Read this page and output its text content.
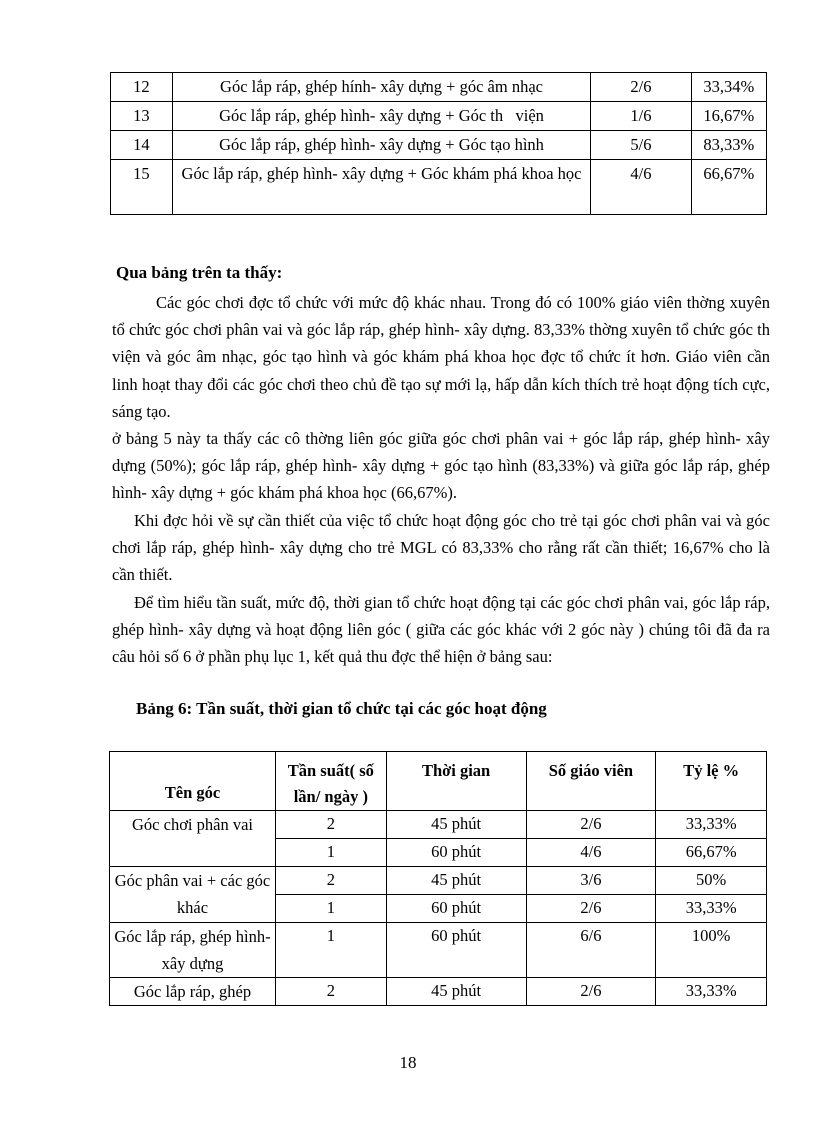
12	Góc lắp ráp, ghép hính- xây dựng + góc âm nhạc	2/6	33,34%
13	Góc lắp ráp, ghép hình- xây dựng + Góc th   viện	1/6	16,67%
14	Góc lắp ráp, ghép hình- xây dựng + Góc tạo hình	5/6	83,33%
15	Góc lắp ráp, ghép hình- xây dựng + Góc khám phá khoa học	4/6	66,67%
Qua bảng trên ta thấy:
Các góc chơi đợc tổ chức với mức độ khác nhau. Trong đó có 100% giáo viên thờng xuyên tổ chức góc chơi phân vai và góc lắp ráp, ghép hình- xây dựng. 83,33% thờng xuyên tổ chức góc th viện và góc âm nhạc, góc tạo hình và góc khám phá khoa học đợc tổ chức ít hơn. Giáo viên cần linh hoạt thay đổi các góc chơi theo chủ đề tạo sự mới lạ, hấp dẫn kích thích trẻ hoạt động tích cực, sáng tạo.
ở bảng 5 này ta thấy các cô thờng liên góc giữa góc chơi phân vai + góc lắp ráp, ghép hình- xây dựng (50%); góc lắp ráp, ghép hình- xây dựng + góc tạo hình (83,33%) và giữa góc lắp ráp, ghép hình- xây dựng + góc khám phá khoa học (66,67%).
Khi đợc hỏi về sự cần thiết của việc tổ chức hoạt động góc cho trẻ tại góc chơi phân vai và góc chơi lắp ráp, ghép hình- xây dựng cho trẻ MGL có 83,33% cho rằng rất cần thiết; 16,67% cho là cần thiết.
Để tìm hiểu tần suất, mức độ, thời gian tổ chức hoạt động tại các góc chơi phân vai, góc lắp ráp, ghép hình- xây dựng và hoạt động liên góc ( giữa các góc khác với 2 góc này ) chúng tôi đã đa ra câu hỏi số 6 ở phần phụ lục 1, kết quả thu đợc thể hiện ở bảng sau:
Bảng 6: Tần suất, thời gian tổ chức tại các góc hoạt động
Tên góc	Tần suất( số lần/ ngày )	Thời gian	Số giáo viên	Tỷ lệ %
Góc chơi phân vai	2	45 phút	2/6	33,33%
	1	60 phút	4/6	66,67%
Góc phân vai + các góc khác	2	45 phút	3/6	50%
	1	60 phút	2/6	33,33%
Góc lắp ráp, ghép hình- xây dựng	1	60 phút	6/6	100%
Góc lắp ráp, ghép	2	45 phút	2/6	33,33%
18
